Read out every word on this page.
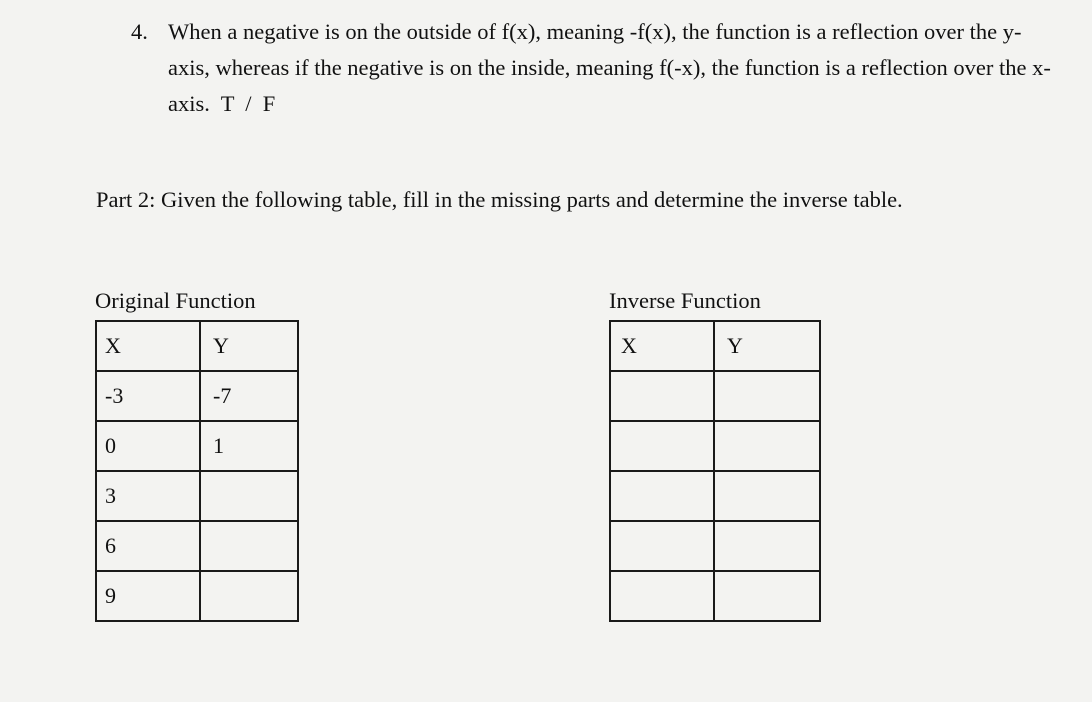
4. When a negative is on the outside of f(x), meaning -f(x), the function is a reflection over the y-axis, whereas if the negative is on the inside, meaning f(-x), the function is a reflection over the x-axis. T  /  F
Part 2: Given the following table, fill in the missing parts and determine the inverse table.
Original Function
X	Y
-3	-7
0	1
3	
6	
9	
Inverse Function
X	Y
